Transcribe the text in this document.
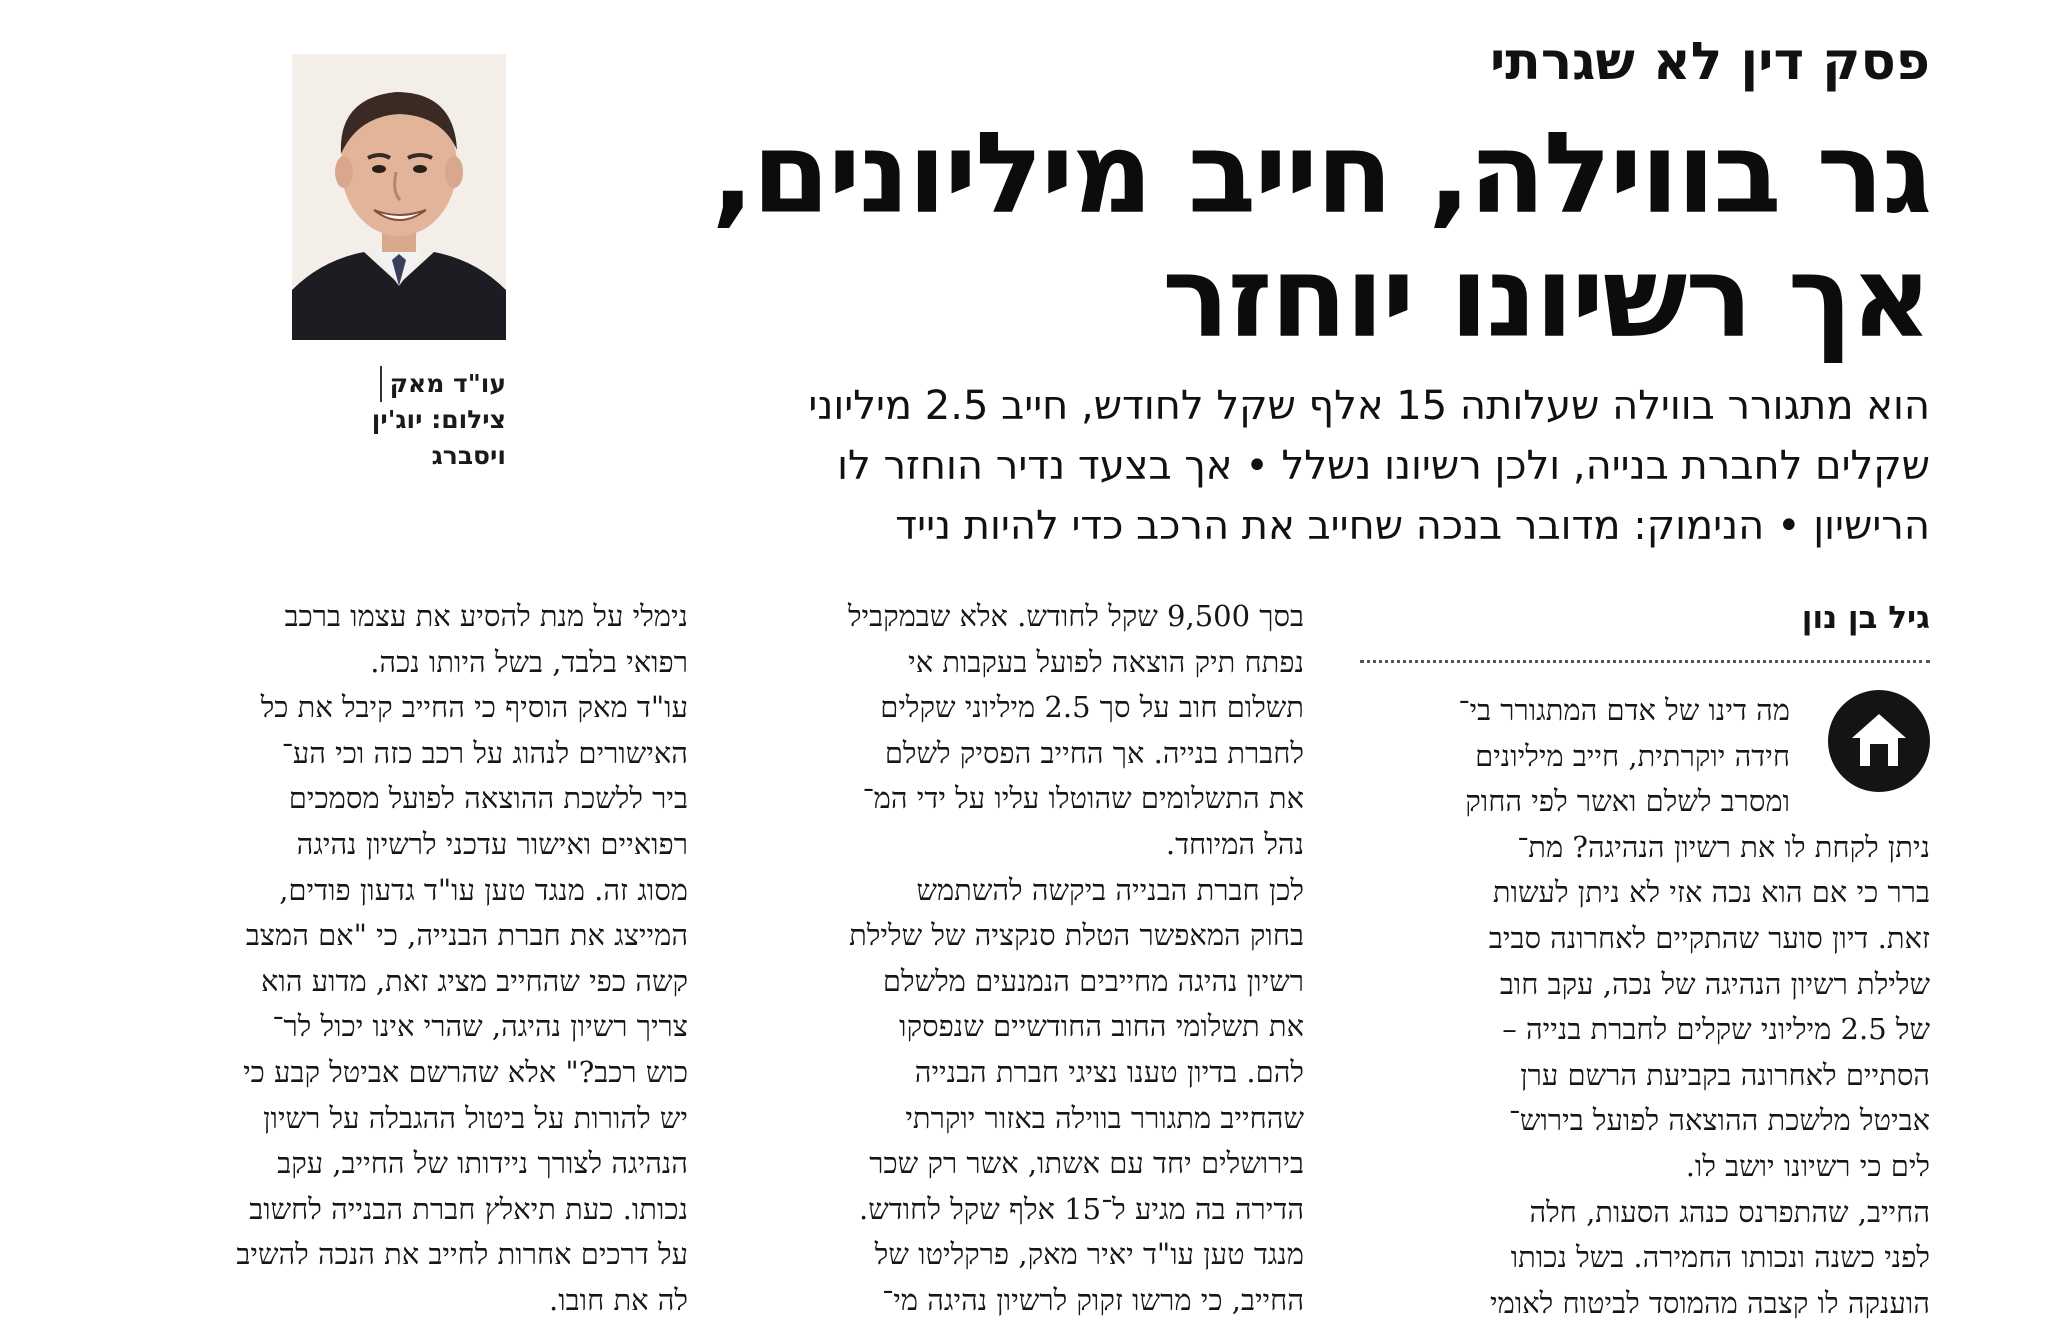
פסק דין לא שגרתי
גר בווילה, חייב מיליונים,
אך רשיונו יוחזר
עו"ד מאק
צילום: יוג'ין
ויסברג
הוא מתגורר בווילה שעלותה 15 אלף שקל לחודש, חייב 2.5 מיליוני
שקלים לחברת בנייה, ולכן רשיונו נשלל • אך בצעד נדיר הוחזר לו
הרישיון • הנימוק: מדובר בנכה שחייב את הרכב כדי להיות נייד
גיל בן נון
מה דינו של אדם המתגורר בי־
חידה יוקרתית, חייב מיליונים
ומסרב לשלם ואשר לפי החוק
ניתן לקחת לו את רשיון הנהיגה? מת־
ברר כי אם הוא נכה אזי לא ניתן לעשות
זאת. דיון סוער שהתקיים לאחרונה סביב
שלילת רשיון הנהיגה של נכה, עקב חוב
של 2.5 מיליוני שקלים לחברת בנייה –
הסתיים לאחרונה בקביעת הרשם ערן
אביטל מלשכת ההוצאה לפועל בירוש־
לים כי רשיונו יושב לו.
החייב, שהתפרנס כנהג הסעות, חלה
לפני כשנה ונכותו החמירה. בשל נכותו
הוענקה לו קצבה מהמוסד לביטוח לאומי
בסך 9,500 שקל לחודש. אלא שבמקביל
נפתח תיק הוצאה לפועל בעקבות אי
תשלום חוב על סך 2.5 מיליוני שקלים
לחברת בנייה. אך החייב הפסיק לשלם
את התשלומים שהוטלו עליו על ידי המ־
נהל המיוחד.
לכן חברת הבנייה ביקשה להשתמש
בחוק המאפשר הטלת סנקציה של שלילת
רשיון נהיגה מחייבים הנמנעים מלשלם
את תשלומי החוב החודשיים שנפסקו
להם. בדיון טענו נציגי חברת הבנייה
שהחייב מתגורר בווילה באזור יוקרתי
בירושלים יחד עם אשתו, אשר רק שכר
הדירה בה מגיע ל־15 אלף שקל לחודש.
מנגד טען עו"ד יאיר מאק, פרקליטו של
החייב, כי מרשו זקוק לרשיון נהיגה מי־
נימלי על מנת להסיע את עצמו ברכב
רפואי בלבד, בשל היותו נכה.
עו"ד מאק הוסיף כי החייב קיבל את כל
האישורים לנהוג על רכב כזה וכי הע־
ביר ללשכת ההוצאה לפועל מסמכים
רפואיים ואישור עדכני לרשיון נהיגה
מסוג זה. מנגד טען עו"ד גדעון פודים,
המייצג את חברת הבנייה, כי "אם המצב
קשה כפי שהחייב מציג זאת, מדוע הוא
צריך רשיון נהיגה, שהרי אינו יכול לר־
כוש רכב?" אלא שהרשם אביטל קבע כי
יש להורות על ביטול ההגבלה על רשיון
הנהיגה לצורך ניידותו של החייב, עקב
נכותו. כעת תיאלץ חברת הבנייה לחשוב
על דרכים אחרות לחייב את הנכה להשיב
לה את חובו.
